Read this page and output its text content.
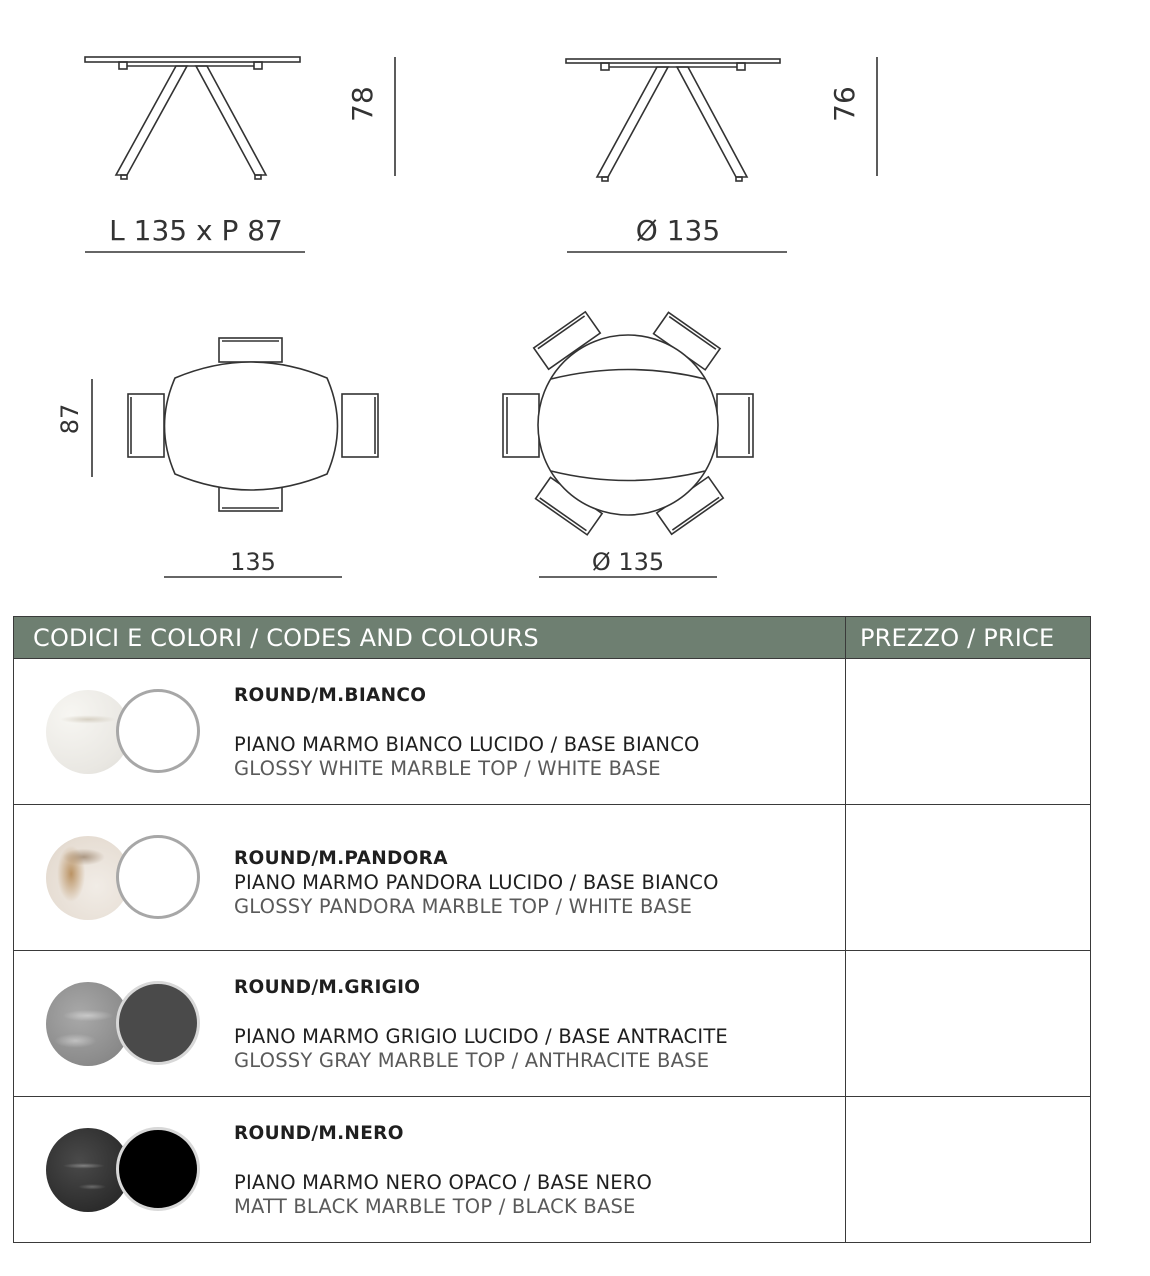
78	76
L 135 x P 87	Ø 135
87
135	Ø 135
CODICI E COLORI / CODES AND COLOURS	PREZZO / PRICE
ROUND/M.BIANCO
PIANO MARMO BIANCO LUCIDO / BASE BIANCO
GLOSSY WHITE MARBLE TOP / WHITE BASE
ROUND/M.PANDORA
PIANO MARMO PANDORA LUCIDO / BASE BIANCO
GLOSSY PANDORA MARBLE TOP / WHITE BASE
ROUND/M.GRIGIO
PIANO MARMO GRIGIO LUCIDO / BASE ANTRACITE
GLOSSY GRAY MARBLE TOP / ANTHRACITE BASE
ROUND/M.NERO
PIANO MARMO NERO OPACO / BASE NERO
MATT BLACK MARBLE TOP / BLACK BASE
